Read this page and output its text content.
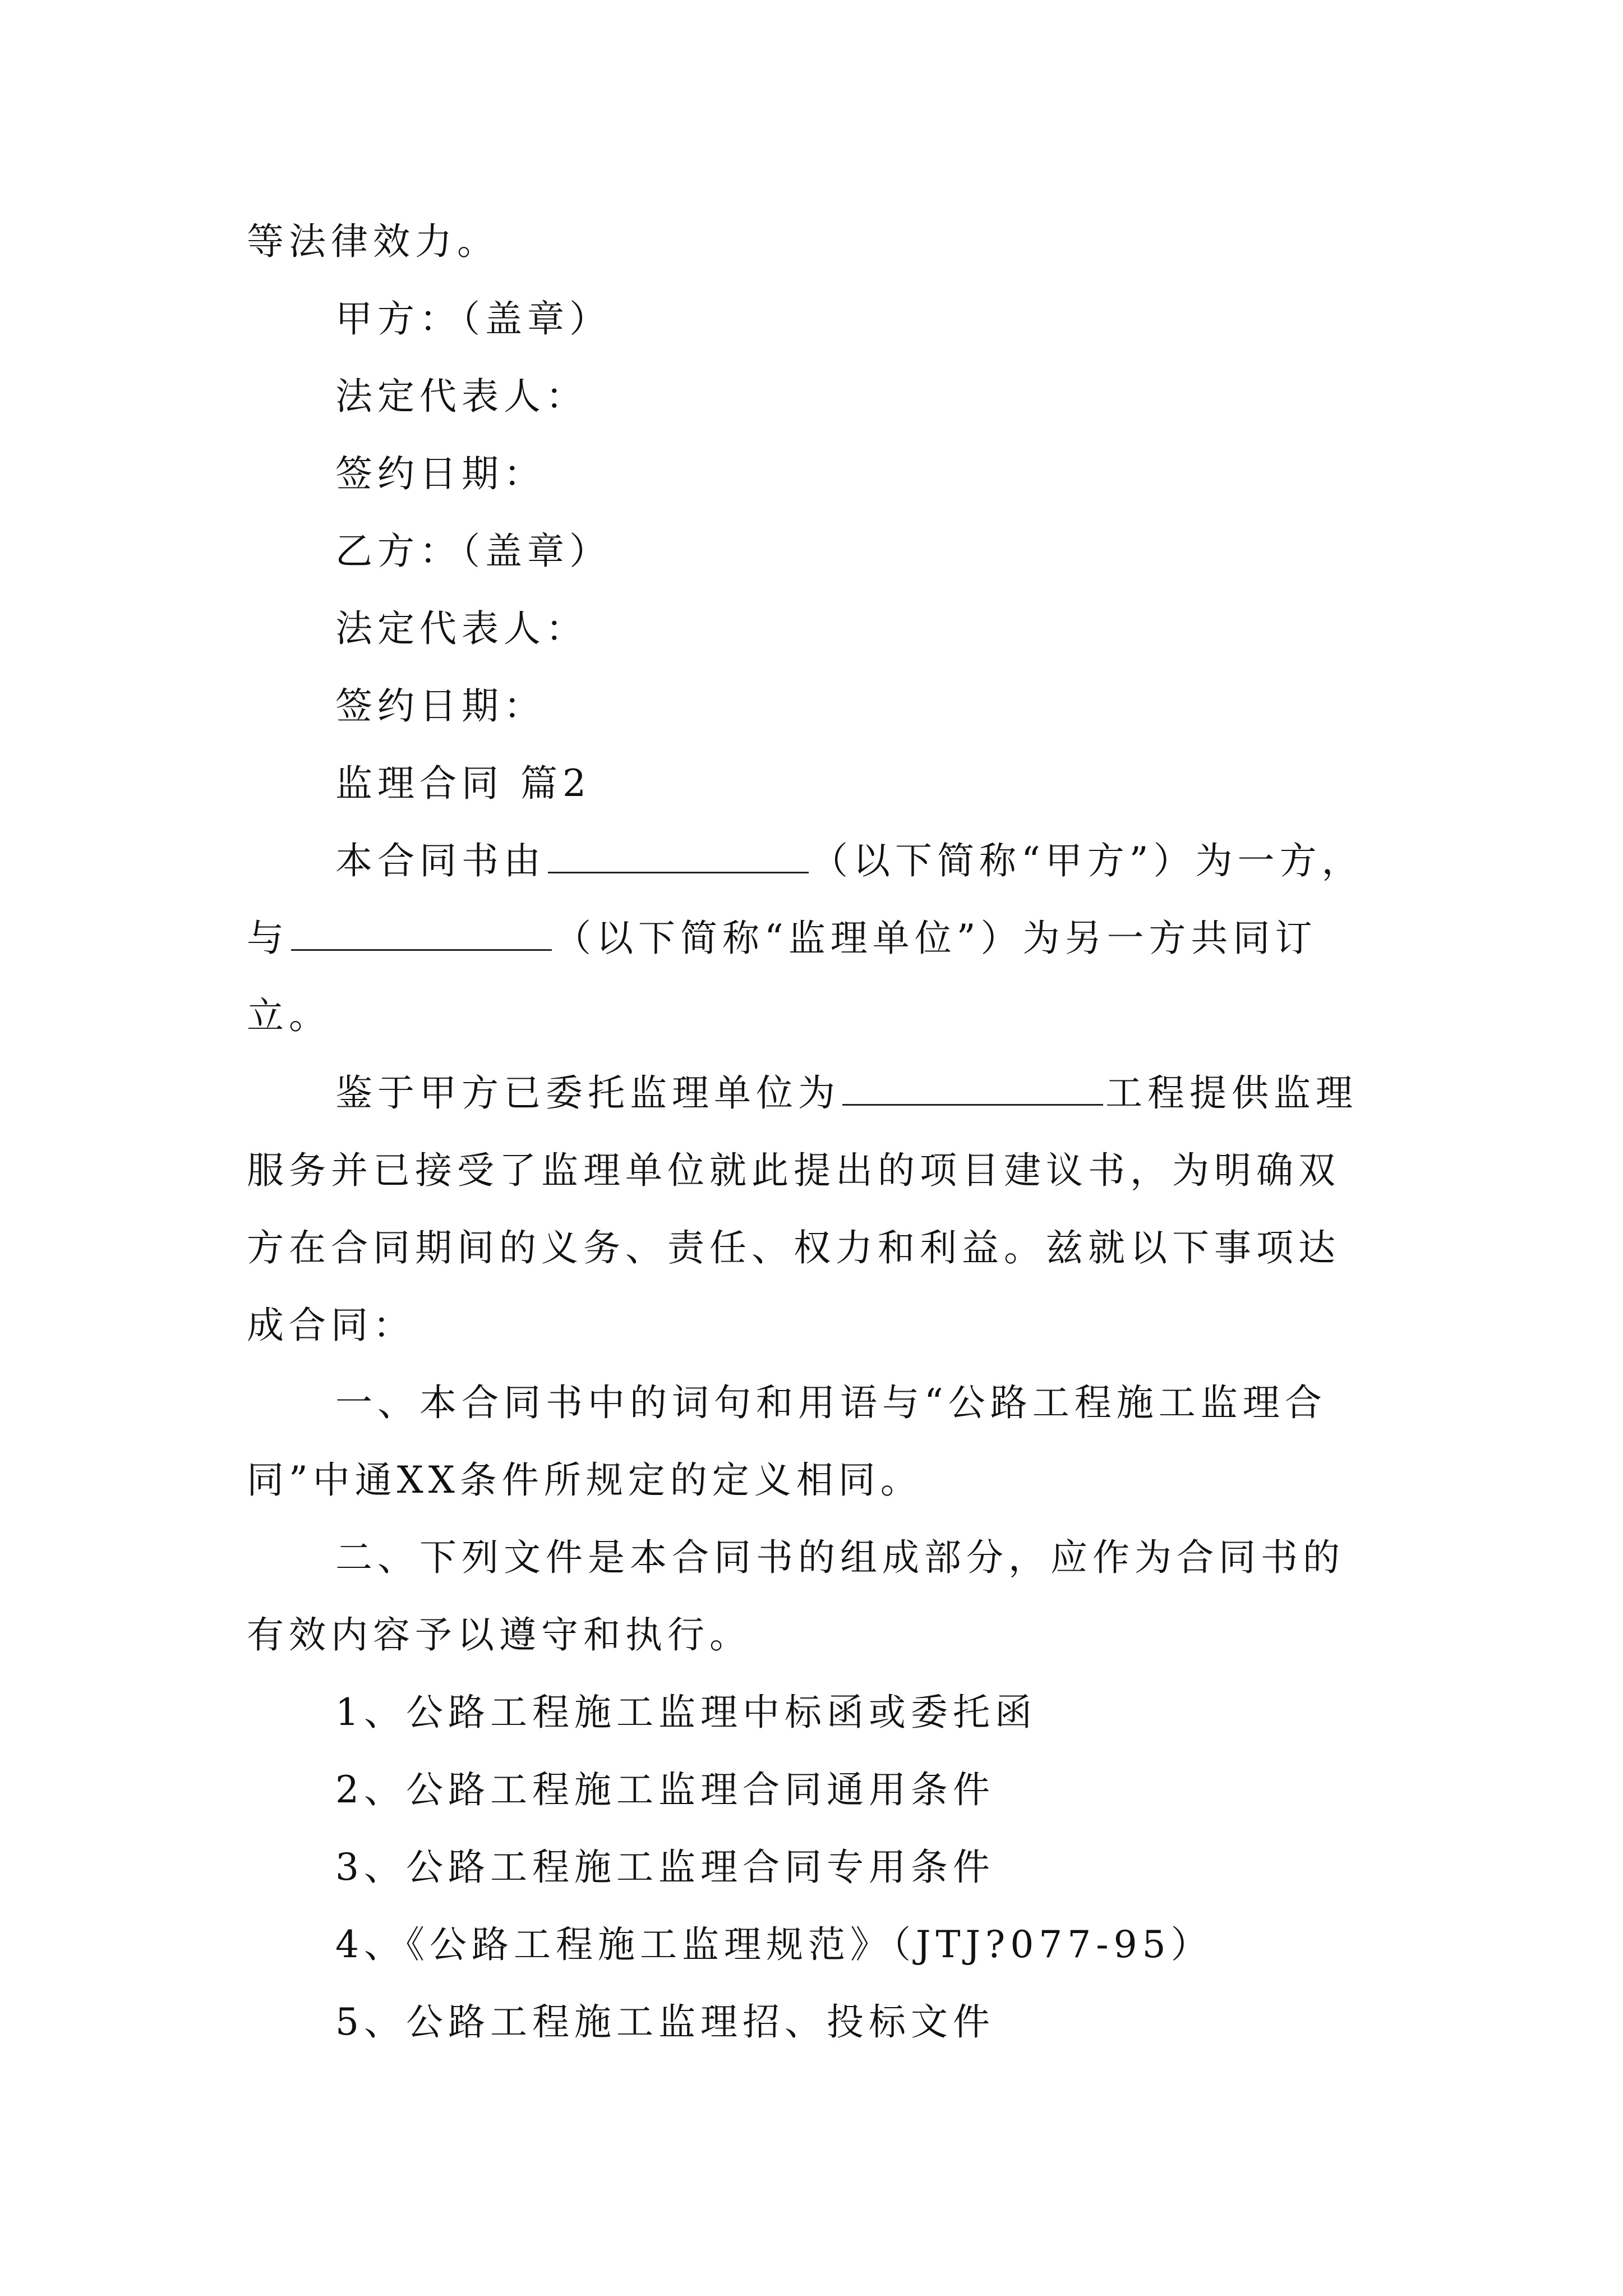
等法律效力。
甲方：（盖章）
法定代表人：
签约日期：
乙方：（盖章）
法定代表人：
签约日期：
监理合同 篇2
本合同书由	（以下简称“甲方”）为一方，
与	（以下简称“监理单位”）为另一方共同订
立。
鉴于甲方已委托监理单位为	工程提供监理
服务并已接受了监理单位就此提出的项目建议书，为明确双
方在合同期间的义务、责任、权力和利益。兹就以下事项达
成合同：
一、本合同书中的词句和用语与“公路工程施工监理合
同”中通XX条件所规定的定义相同。
二、下列文件是本合同书的组成部分，应作为合同书的
有效内容予以遵守和执行。
1、公路工程施工监理中标函或委托函
2、公路工程施工监理合同通用条件
3、公路工程施工监理合同专用条件
4、《公路工程施工监理规范》（JTJ?077-95）
5、公路工程施工监理招、投标文件
